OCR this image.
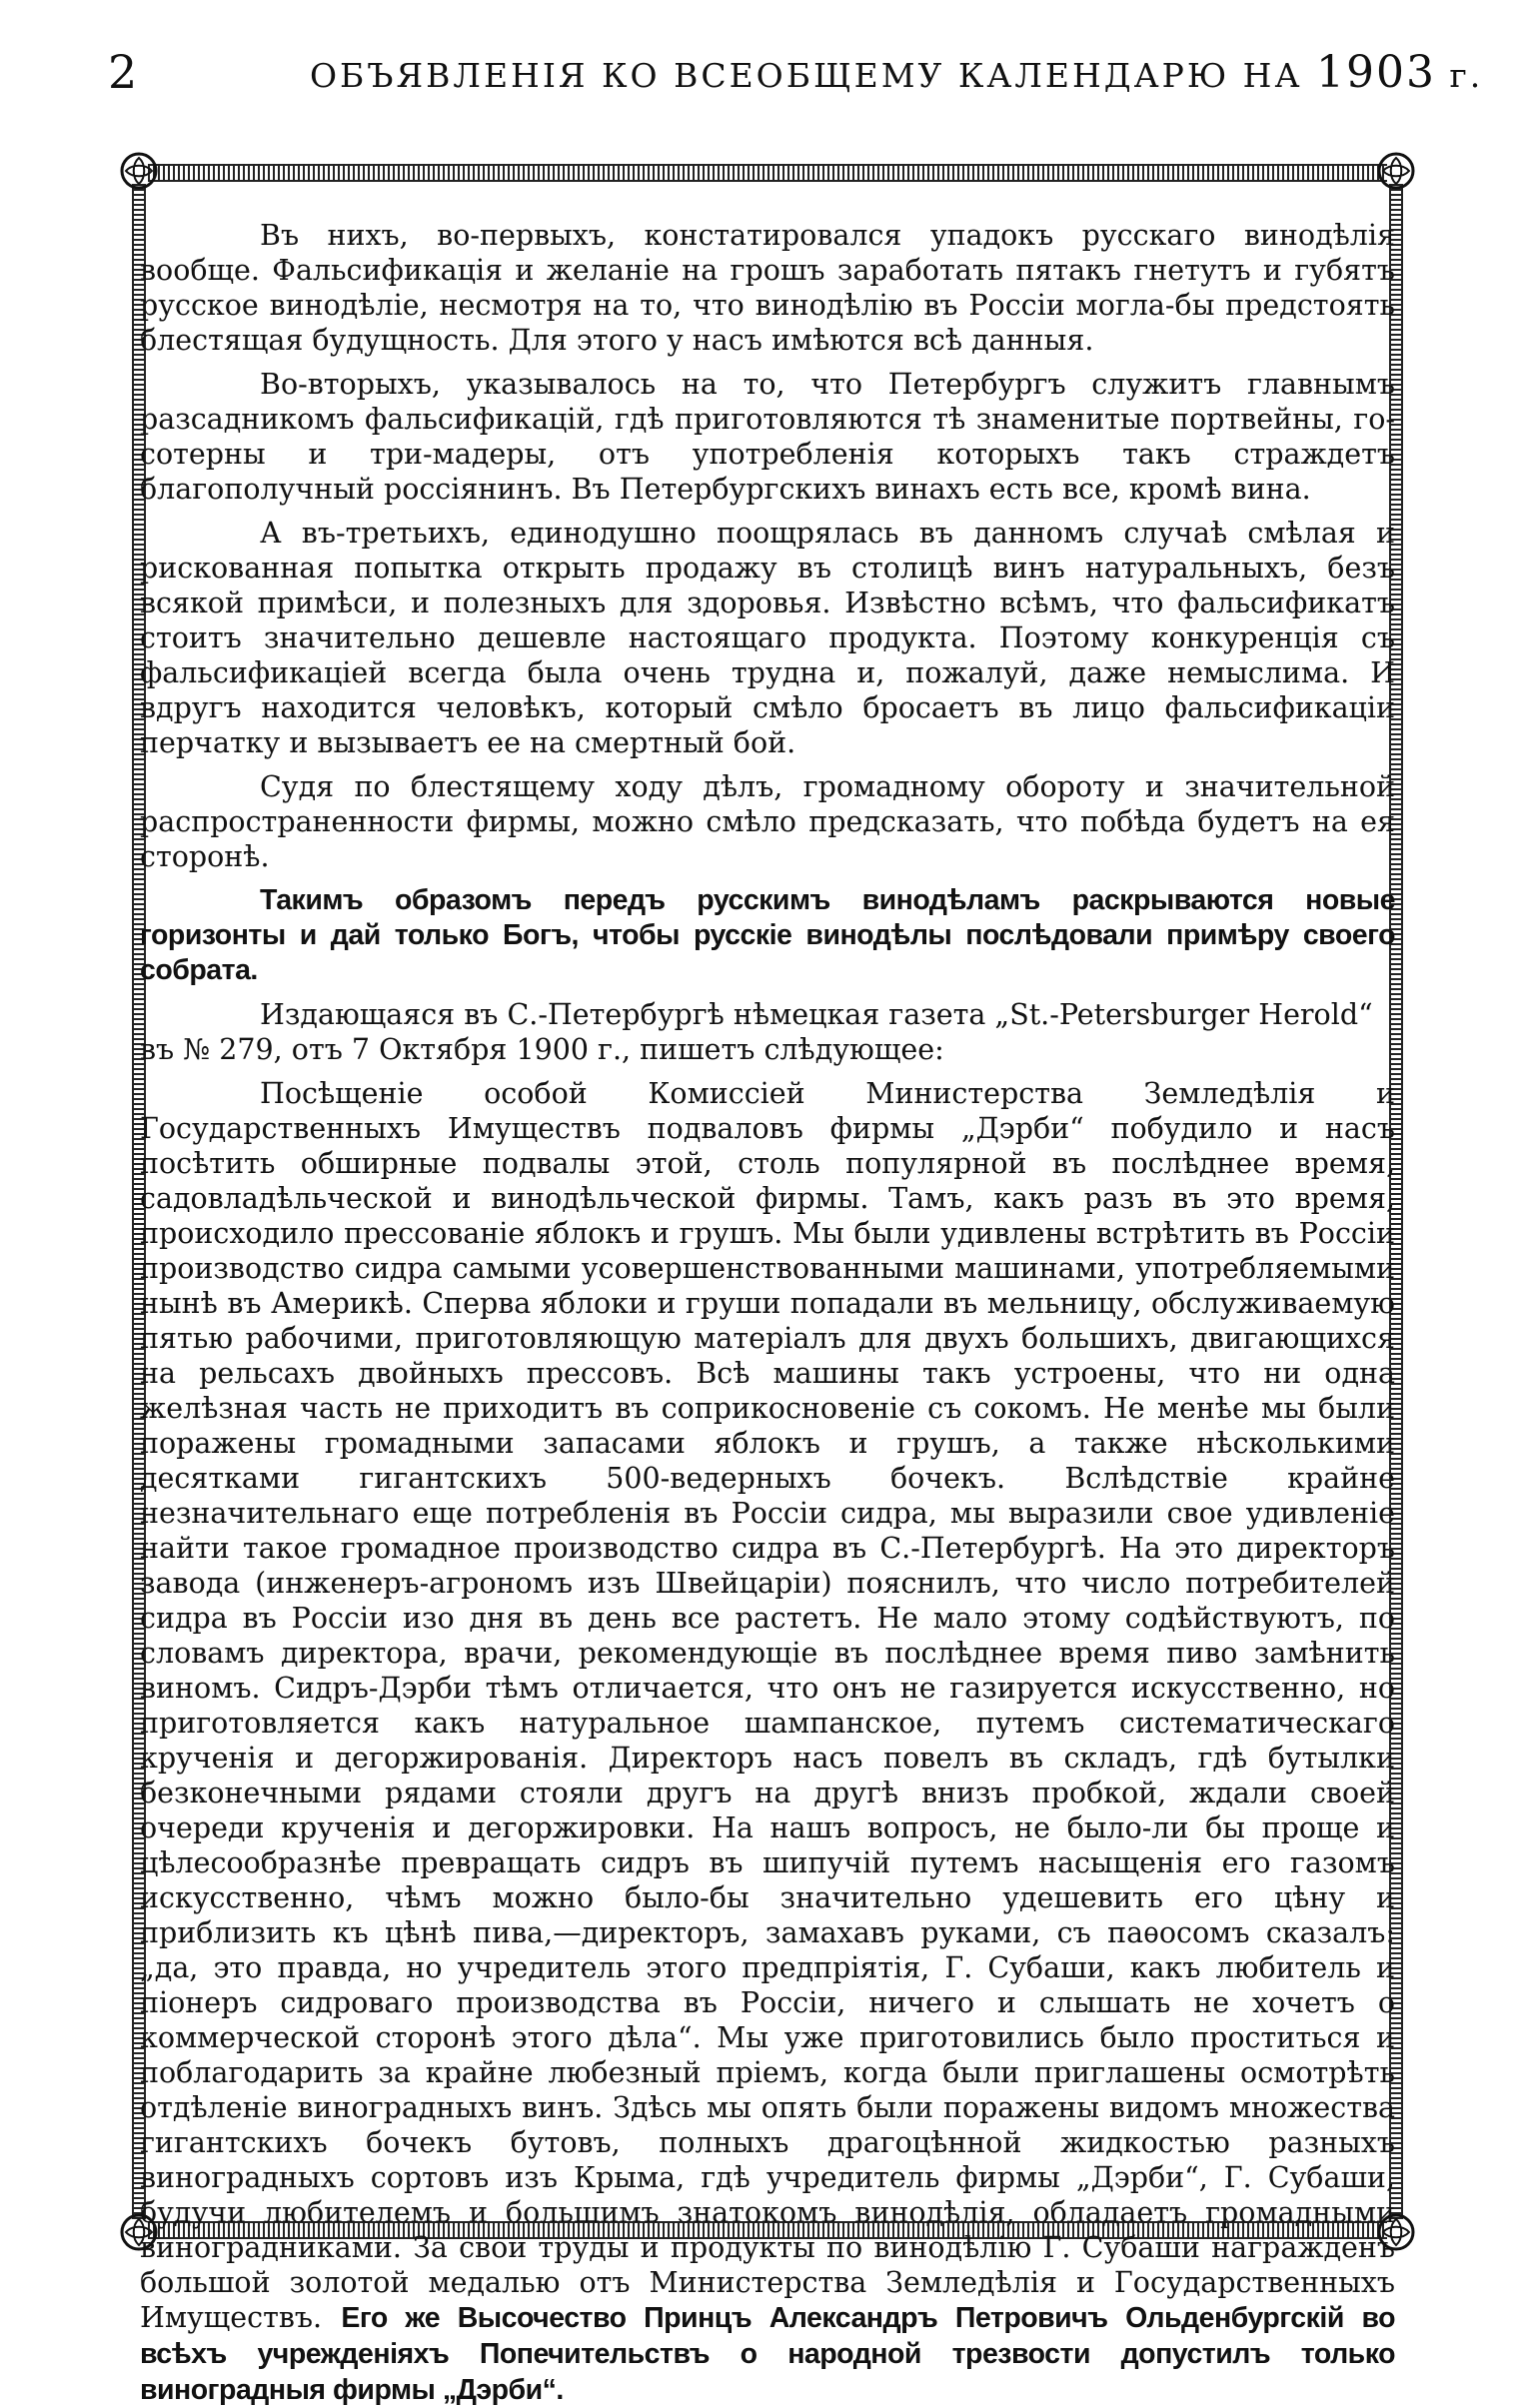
2	ОБЪЯВЛЕНІЯ КО ВСЕОБЩЕМУ КАЛЕНДАРЮ НА 1903 г.

Въ нихъ, во-первыхъ, констатировался упадокъ русскаго винодѣлія вообще. Фальсификація и желаніе на грошъ заработать пятакъ гнетутъ и губятъ русское винодѣліе, несмотря на то, что винодѣлію въ Россіи могла-бы предстоять блестящая будущность. Для этого у насъ имѣются всѣ данныя.

Во-вторыхъ, указывалось на то, что Петербургъ служитъ главнымъ разсадникомъ фальсификацій, гдѣ приготовляются тѣ знаменитые портвейны, го-сотерны и три-мадеры, отъ употребленія которыхъ такъ страждетъ благополучный россіянинъ. Въ Петербургскихъ винахъ есть все, кромѣ вина.

А въ-третьихъ, единодушно поощрялась въ данномъ случаѣ смѣлая и рискованная попытка открыть продажу въ столицѣ винъ натуральныхъ, безъ всякой примѣси, и полезныхъ для здоровья. Извѣстно всѣмъ, что фальсификатъ стоитъ значительно дешевле настоящаго продукта. Поэтому конкуренція съ фальсификаціей всегда была очень трудна и, пожалуй, даже немыслима. И вдругъ находится человѣкъ, который смѣло бросаетъ въ лицо фальсификаціи перчатку и вызываетъ ее на смертный бой.

Судя по блестящему ходу дѣлъ, громадному обороту и значительной распространенности фирмы, можно смѣло предсказать, что побѣда будетъ на ея сторонѣ.

Такимъ образомъ передъ русскимъ винодѣламъ раскрываются новые горизонты и дай только Богъ, чтобы русскіе винодѣлы послѣдовали примѣру своего собрата.

Издающаяся въ С.-Петербургѣ нѣмецкая газета „St.-Petersburger Herold“

въ № 279, отъ 7 Октября 1900 г., пишетъ слѣдующее:

Посѣщеніе особой Комиссіей Министерства Земледѣлія и Государственныхъ Имуществъ подваловъ фирмы „Дэрби“ побудило и насъ посѣтить обширные подвалы этой, столь популярной въ послѣднее время, садовладѣльческой и винодѣльческой фирмы. Тамъ, какъ разъ въ это время, происходило прессованіе яблокъ и грушъ. Мы были удивлены встрѣтить въ Россіи производство сидра самыми усовершенствованными машинами, употребляемыми нынѣ въ Америкѣ. Сперва яблоки и груши попадали въ мельницу, обслуживаемую пятью рабочими, приготовляющую матеріалъ для двухъ большихъ, двигающихся на рельсахъ двойныхъ прессовъ. Всѣ машины такъ устроены, что ни одна желѣзная часть не приходитъ въ соприкосновеніе съ сокомъ. Не менѣе мы были поражены громадными запасами яблокъ и грушъ, а также нѣсколькими десятками гигантскихъ 500-ведерныхъ бочекъ. Вслѣдствіе крайне незначительнаго еще потребленія въ Россіи сидра, мы выразили свое удивленіе найти такое громадное производство сидра въ С.-Петербургѣ. На это директоръ завода (инженеръ-агрономъ изъ Швейцаріи) пояснилъ, что число потребителей сидра въ Россіи изо дня въ день все растетъ. Не мало этому содѣйствуютъ, по словамъ директора, врачи, рекомендующіе въ послѣднее время пиво замѣнить виномъ. Сидръ-Дэрби тѣмъ отличается, что онъ не газируется искусственно, но приготовляется какъ натуральное шампанское, путемъ систематическаго крученія и дегоржированія. Директоръ насъ повелъ въ складъ, гдѣ бутылки безконечными рядами стояли другъ на другѣ внизъ пробкой, ждали своей очереди крученія и дегоржировки. На нашъ вопросъ, не было-ли бы проще и цѣлесообразнѣе превращать сидръ въ шипучій путемъ насыщенія его газомъ искусственно, чѣмъ можно было-бы значительно удешевить его цѣну и приблизить къ цѣнѣ пива,—директоръ, замахавъ руками, съ паѳосомъ сказалъ: „да, это правда, но учредитель этого предпріятія, Г. Субаши, какъ любитель и піонеръ сидроваго производства въ Россіи, ничего и слышать не хочетъ о коммерческой сторонѣ этого дѣла“. Мы уже приготовились было проститься и поблагодарить за крайне любезный пріемъ, когда были приглашены осмотрѣть отдѣленіе виноградныхъ винъ. Здѣсь мы опять были поражены видомъ множества гигантскихъ бочекъ бутовъ, полныхъ драгоцѣнной жидкостью разныхъ виноградныхъ сортовъ изъ Крыма, гдѣ учредитель фирмы „Дэрби“, Г. Субаши, будучи любителемъ и большимъ знатокомъ винодѣлія, обладаетъ громадными виноградниками. За свои труды и продукты по винодѣлію Г. Субаши награжденъ большой золотой медалью отъ Министерства Земледѣлія и Государственныхъ Имуществъ. Его же Высочество Принцъ Александръ Петровичъ Ольденбургскій во всѣхъ учрежденіяхъ Попечительствъ о народной трезвости допустилъ только виноградныя фирмы „Дэрби“.
